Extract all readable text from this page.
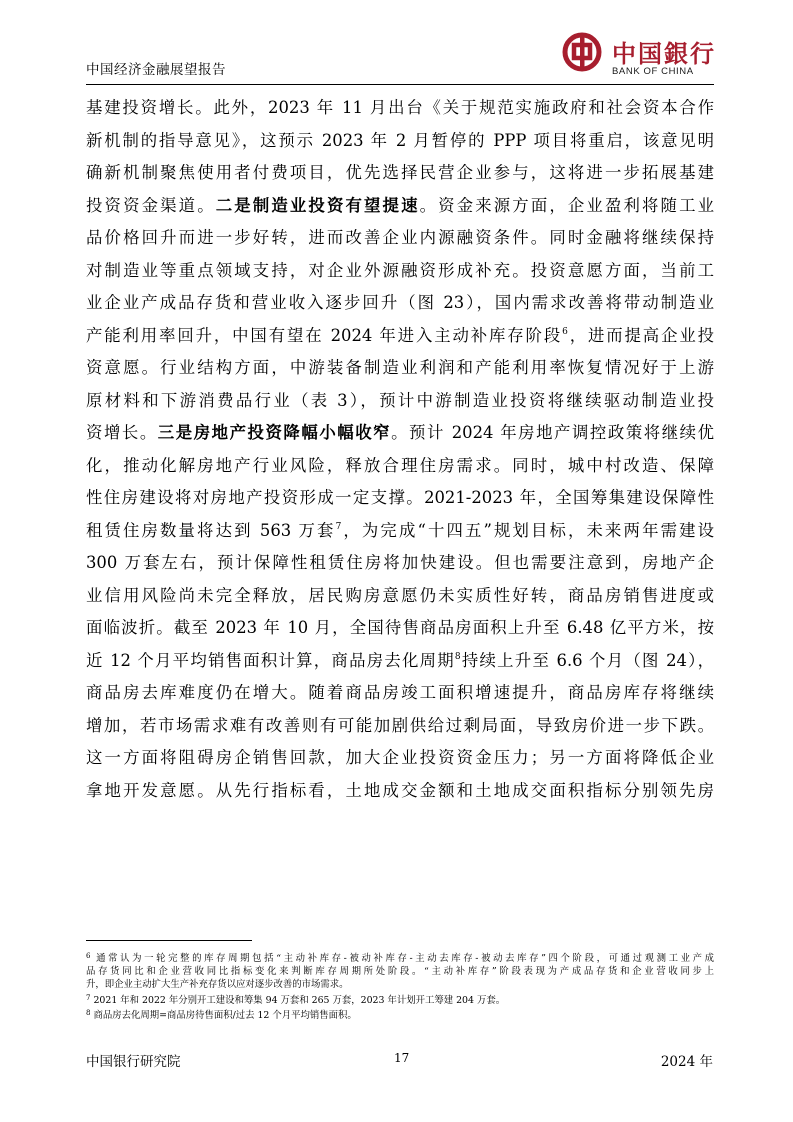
中国经济金融展望报告
中国銀行
BANK OF CHINA
基建投资增长。此外，2023 年 11 月出台《关于规范实施政府和社会资本合作
新机制的指导意见》，这预示 2023 年 2 月暂停的 PPP 项目将重启，该意见明
确新机制聚焦使用者付费项目，优先选择民营企业参与，这将进一步拓展基建
投资资金渠道。二是制造业投资有望提速。资金来源方面，企业盈利将随工业
品价格回升而进一步好转，进而改善企业内源融资条件。同时金融将继续保持
对制造业等重点领域支持，对企业外源融资形成补充。投资意愿方面，当前工
业企业产成品存货和营业收入逐步回升（图 23），国内需求改善将带动制造业
产能利用率回升，中国有望在 2024 年进入主动补库存阶段$^6$，进而提高企业投
资意愿。行业结构方面，中游装备制造业利润和产能利用率恢复情况好于上游
原材料和下游消费品行业（表 3），预计中游制造业投资将继续驱动制造业投
资增长。三是房地产投资降幅小幅收窄。预计 2024 年房地产调控政策将继续优
化，推动化解房地产行业风险，释放合理住房需求。同时，城中村改造、保障
性住房建设将对房地产投资形成一定支撑。2021-2023 年，全国筹集建设保障性
租赁住房数量将达到 563 万套$^7$，为完成“十四五”规划目标，未来两年需建设
300 万套左右，预计保障性租赁住房将加快建设。但也需要注意到，房地产企
业信用风险尚未完全释放，居民购房意愿仍未实质性好转，商品房销售进度或
面临波折。截至 2023 年 10 月，全国待售商品房面积上升至 6.48 亿平方米，按
近 12 个月平均销售面积计算，商品房去化周期$^8$持续上升至 6.6 个月（图 24），
商品房去库难度仍在增大。随着商品房竣工面积增速提升，商品房库存将继续
增加，若市场需求难有改善则有可能加剧供给过剩局面，导致房价进一步下跌。
这一方面将阻碍房企销售回款，加大企业投资资金压力；另一方面将降低企业
拿地开发意愿。从先行指标看，土地成交金额和土地成交面积指标分别领先房
$^6$ 通常认为一轮完整的库存周期包括“主动补库存-被动补库存-主动去库存-被动去库存”四个阶段，可通过观测工业产成
品存货同比和企业营收同比指标变化来判断库存周期所处阶段。“主动补库存”阶段表现为产成品存货和企业营收同步上
升，即企业主动扩大生产补充存货以应对逐步改善的市场需求。
$^7$ 2021 年和 2022 年分别开工建设和筹集 94 万套和 265 万套，2023 年计划开工筹建 204 万套。
$^8$ 商品房去化周期=商品房待售面积/过去 12 个月平均销售面积。
中国银行研究院	17	2024 年
